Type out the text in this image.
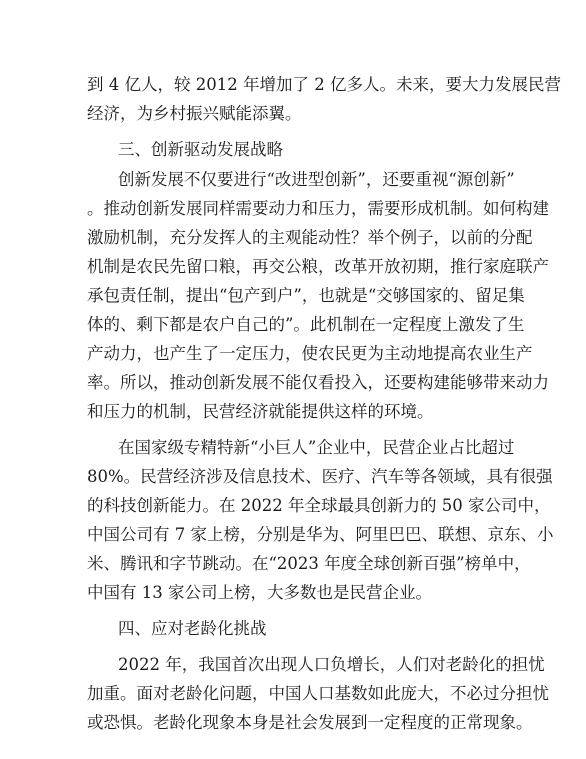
到 4 亿人，较 2012 年增加了 2 亿多人。未来，要大力发展民营
经济，为乡村振兴赋能添翼。
三、创新驱动发展战略
创新发展不仅要进行“改进型创新”，还要重视“源创新”
。推动创新发展同样需要动力和压力，需要形成机制。如何构建
激励机制，充分发挥人的主观能动性？举个例子，以前的分配
机制是农民先留口粮，再交公粮，改革开放初期，推行家庭联产
承包责任制，提出“包产到户”，也就是“交够国家的、留足集
体的、剩下都是农户自己的”。此机制在一定程度上激发了生
产动力，也产生了一定压力，使农民更为主动地提高农业生产
率。所以，推动创新发展不能仅看投入，还要构建能够带来动力
和压力的机制，民营经济就能提供这样的环境。
在国家级专精特新“小巨人”企业中，民营企业占比超过
80%。民营经济涉及信息技术、医疗、汽车等各领域，具有很强
的科技创新能力。在 2022 年全球最具创新力的 50 家公司中，
中国公司有 7 家上榜，分别是华为、阿里巴巴、联想、京东、小
米、腾讯和字节跳动。在“2023 年度全球创新百强”榜单中，
中国有 13 家公司上榜，大多数也是民营企业。
四、应对老龄化挑战
2022 年，我国首次出现人口负增长，人们对老龄化的担忧
加重。面对老龄化问题，中国人口基数如此庞大，不必过分担忧
或恐惧。老龄化现象本身是社会发展到一定程度的正常现象。
